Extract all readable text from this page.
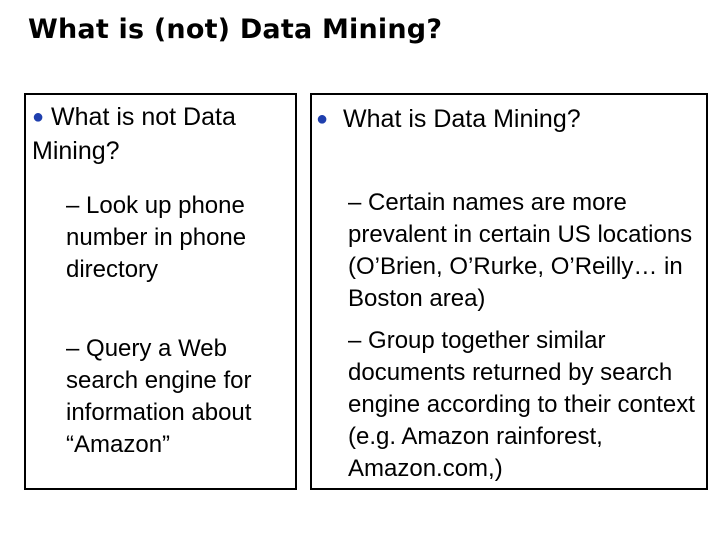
What is (not) Data Mining?
● What is not Data Mining?
– Look up phone number in phone directory
– Query a Web search engine for information about “Amazon”
● What is Data Mining?
– Certain names are more prevalent in certain US locations (O’Brien, O’Rurke, O’Reilly… in Boston area)
– Group together similar documents returned by search engine according to their context (e.g. Amazon rainforest, Amazon.com,)
